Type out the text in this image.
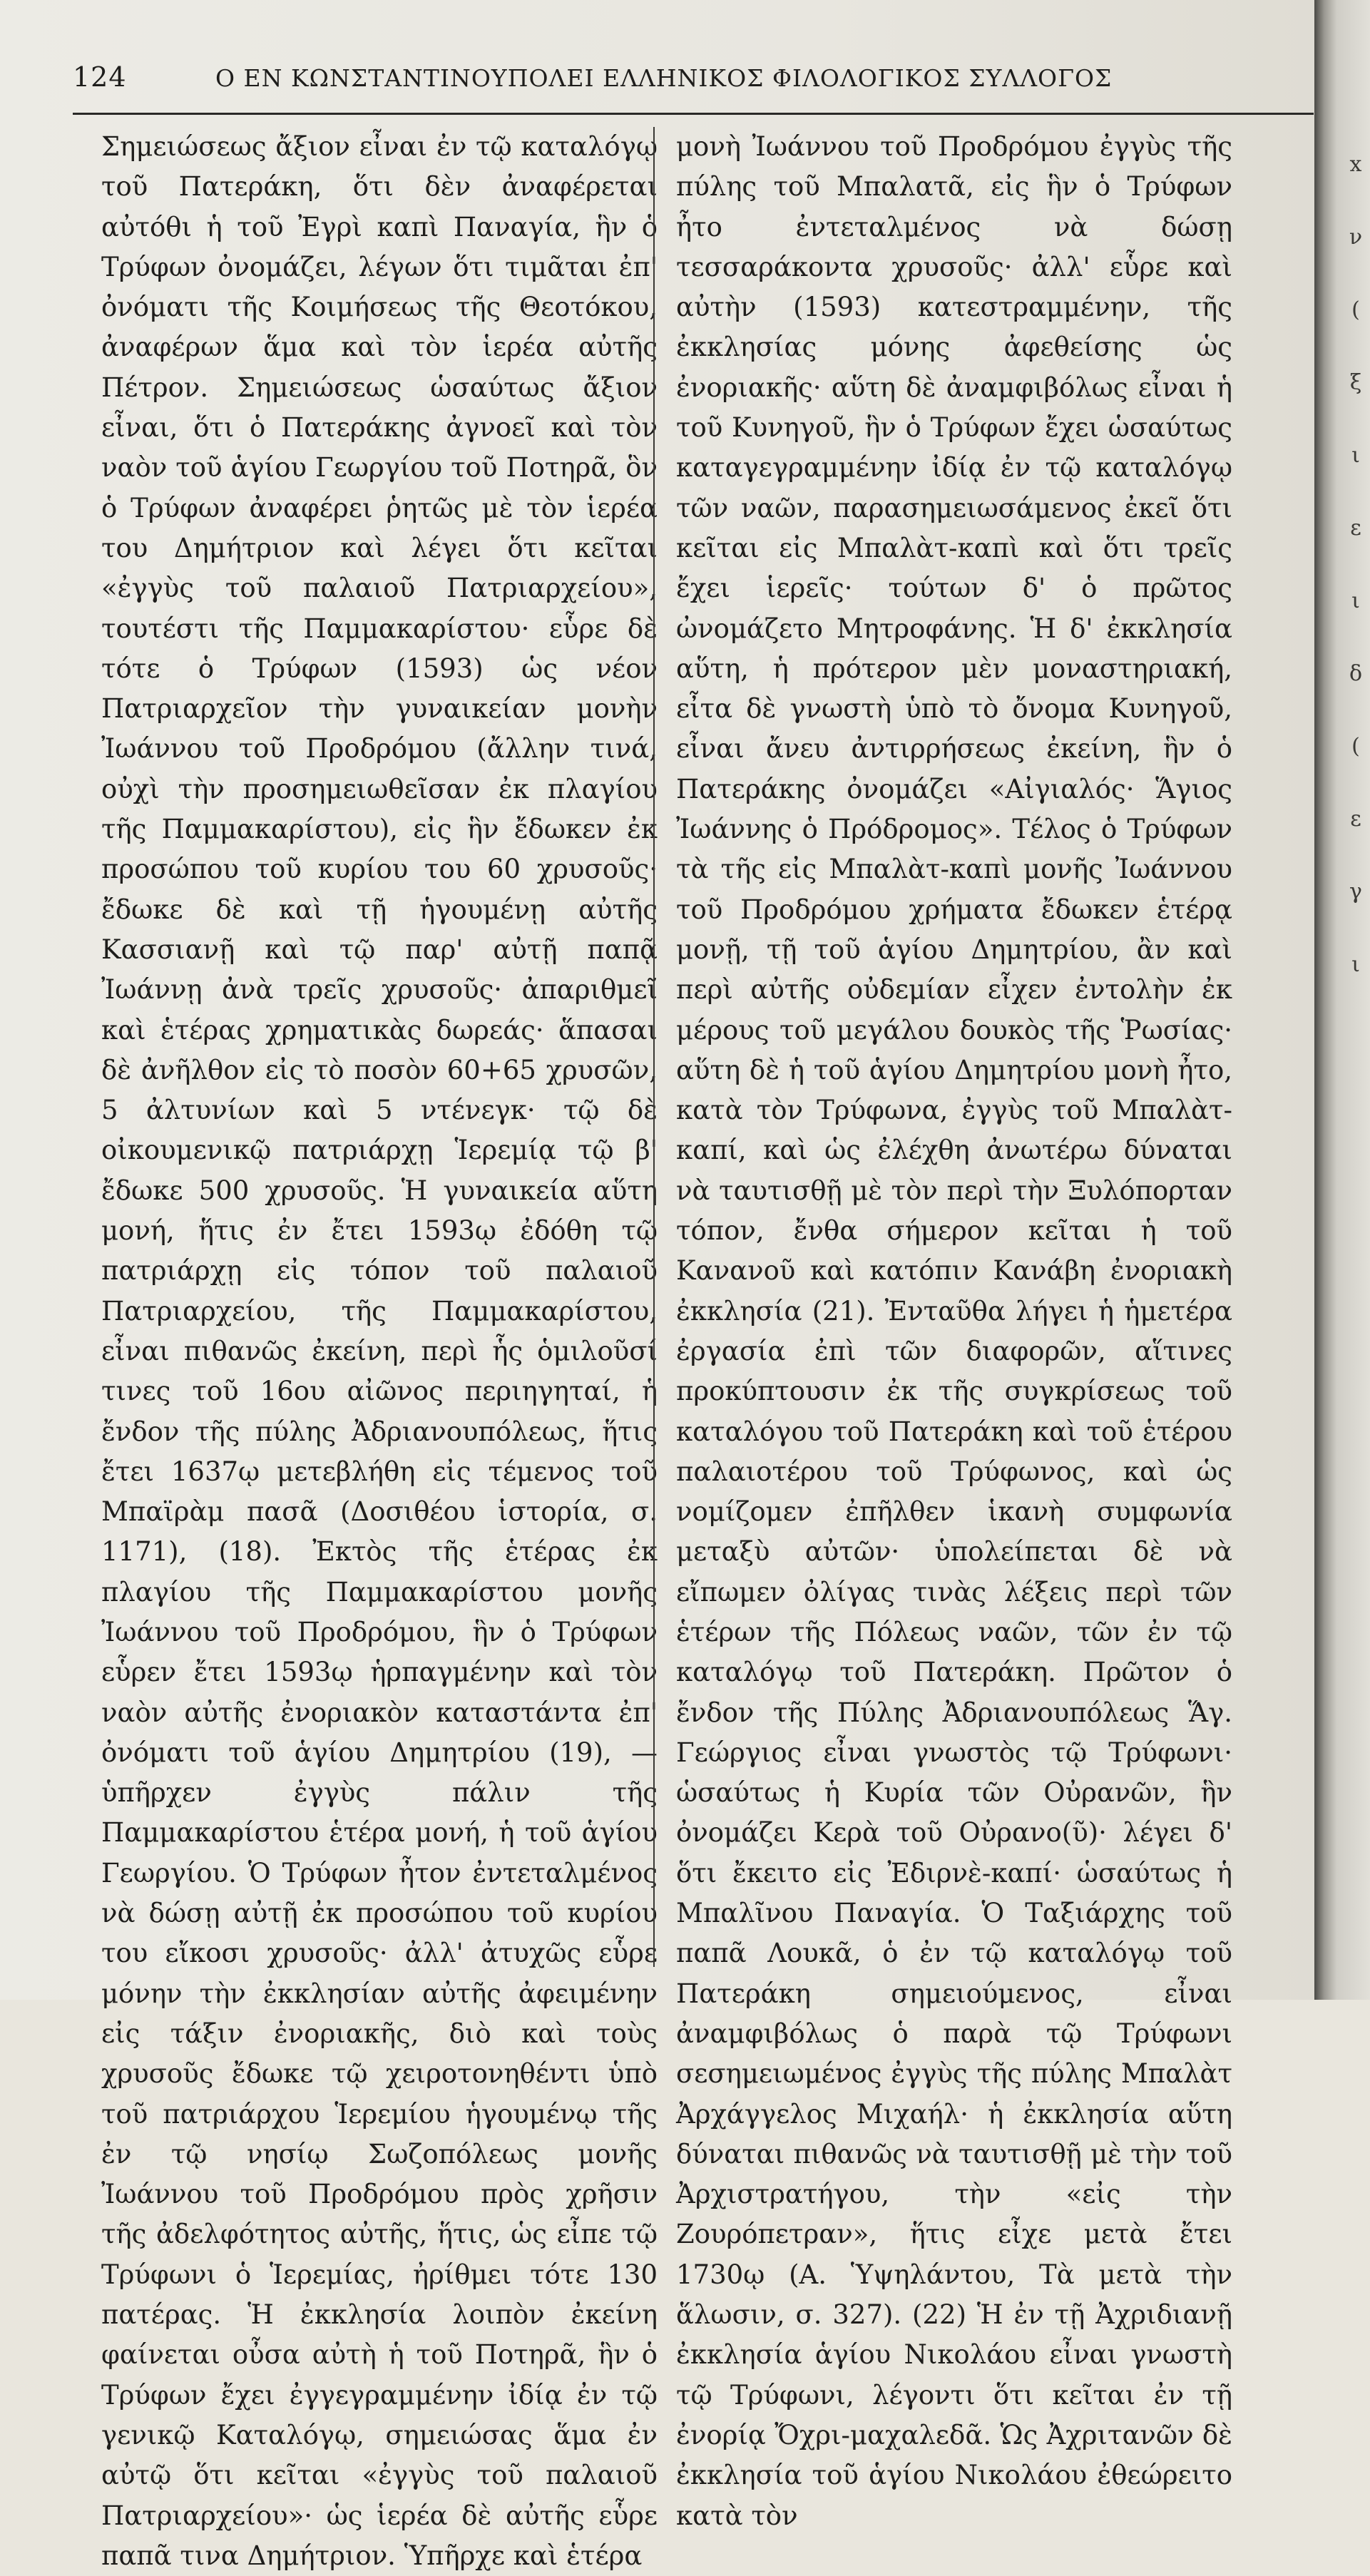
124	Ο ΕΝ ΚΩΝΣΤΑΝΤΙΝΟΥΠΟΛΕΙ ΕΛΛΗΝΙΚΟΣ ΦΙΛΟΛΟΓΙΚΟΣ ΣΥΛΛΟΓΟΣ

Σημειώσεως ἄξιον εἶναι ἐν τῷ καταλόγῳ τοῦ Πατεράκη, ὅτι δὲν ἀναφέρεται αὐτόθι ἡ τοῦ Ἐγρὶ καπὶ Παναγία, ἣν ὁ Τρύφων ὀνομάζει, λέγων ὅτι τιμᾶται ἐπ' ὀνόματι τῆς Κοιμήσεως τῆς Θεοτόκου, ἀναφέρων ἅμα καὶ τὸν ἱερέα αὐτῆς Πέτρον. Σημειώσεως ὡσαύτως ἄξιον εἶναι, ὅτι ὁ Πατεράκης ἀγνοεῖ καὶ τὸν ναὸν τοῦ ἁγίου Γεωργίου τοῦ Ποτηρᾶ, ὃν ὁ Τρύφων ἀναφέρει ῥητῶς μὲ τὸν ἱερέα του Δημήτριον καὶ λέγει ὅτι κεῖται «ἐγγὺς τοῦ παλαιοῦ Πατριαρχείου», τουτέστι τῆς Παμμακαρίστου· εὗρε δὲ τότε ὁ Τρύφων (1593) ὡς νέον Πατριαρχεῖον τὴν γυναικείαν μονὴν Ἰωάννου τοῦ Προδρόμου (ἄλλην τινά, οὐχὶ τὴν προσημειωθεῖσαν ἐκ πλαγίου τῆς Παμμακαρίστου), εἰς ἣν ἔδωκεν ἐκ προσώπου τοῦ κυρίου του 60 χρυσοῦς· ἔδωκε δὲ καὶ τῇ ἡγουμένῃ αὐτῆς Κασσιανῇ καὶ τῷ παρ' αὐτῇ παπᾷ Ἰωάννῃ ἀνὰ τρεῖς χρυσοῦς· ἀπαριθμεῖ καὶ ἑτέρας χρηματικὰς δωρεάς· ἅπασαι δὲ ἀνῆλθον εἰς τὸ ποσὸν 60+65 χρυσῶν, 5 ἀλτυνίων καὶ 5 ντένεγκ· τῷ δὲ οἰκουμενικῷ πατριάρχῃ Ἱερεμίᾳ τῷ β' ἔδωκε 500 χρυσοῦς. Ἡ γυναικεία αὕτη μονή, ἥτις ἐν ἔτει 1593ῳ ἐδόθη τῷ πατριάρχῃ εἰς τόπον τοῦ παλαιοῦ Πατριαρχείου, τῆς Παμμακαρίστου, εἶναι πιθανῶς ἐκείνη, περὶ ἧς ὁμιλοῦσί τινες τοῦ 16ου αἰῶνος περιηγηταί, ἡ ἔνδον τῆς πύλης Ἀδριανουπόλεως, ἥτις ἔτει 1637ῳ μετεβλήθη εἰς τέμενος τοῦ Μπαϊρὰμ πασᾶ (Δοσιθέου ἱστορία, σ. 1171), (18). Ἐκτὸς τῆς ἑτέρας ἐκ πλαγίου τῆς Παμμακαρίστου μονῆς Ἰωάννου τοῦ Προδρόμου, ἣν ὁ Τρύφων εὗρεν ἔτει 1593ῳ ἡρπαγμένην καὶ τὸν ναὸν αὐτῆς ἐνοριακὸν καταστάντα ἐπ' ὀνόματι τοῦ ἁγίου Δημητρίου (19), —ὑπῆρχεν ἐγγὺς πάλιν τῆς Παμμακαρίστου ἑτέρα μονή, ἡ τοῦ ἁγίου Γεωργίου. Ὁ Τρύφων ἦτον ἐντεταλμένος νὰ δώσῃ αὐτῇ ἐκ προσώπου τοῦ κυρίου του εἴκοσι χρυσοῦς· ἀλλ' ἀτυχῶς εὗρε μόνην τὴν ἐκκλησίαν αὐτῆς ἀφειμένην εἰς τάξιν ἐνοριακῆς, διὸ καὶ τοὺς χρυσοῦς ἔδωκε τῷ χειροτονηθέντι ὑπὸ τοῦ πατριάρχου Ἱερεμίου ἡγουμένῳ τῆς ἐν τῷ νησίῳ Σωζοπόλεως μονῆς Ἰωάννου τοῦ Προδρόμου πρὸς χρῆσιν τῆς ἀδελφότητος αὐτῆς, ἥτις, ὡς εἶπε τῷ Τρύφωνι ὁ Ἱερεμίας, ἠρίθμει τότε 130 πατέρας. Ἡ ἐκκλησία λοιπὸν ἐκείνη φαίνεται οὖσα αὐτὴ ἡ τοῦ Ποτηρᾶ, ἣν ὁ Τρύφων ἔχει ἐγγεγραμμένην ἰδίᾳ ἐν τῷ γενικῷ Καταλόγῳ, σημειώσας ἅμα ἐν αὐτῷ ὅτι κεῖται «ἐγγὺς τοῦ παλαιοῦ Πατριαρχείου»· ὡς ἱερέα δὲ αὐτῆς εὗρε παπᾶ τινα Δημήτριον. Ὑπῆρχε καὶ ἑτέρα

μονὴ Ἰωάννου τοῦ Προδρόμου ἐγγὺς τῆς πύλης τοῦ Μπαλατᾶ, εἰς ἣν ὁ Τρύφων ἦτο ἐντεταλμένος νὰ δώσῃ τεσσαράκοντα χρυσοῦς· ἀλλ' εὗρε καὶ αὐτὴν (1593) κατεστραμμένην, τῆς ἐκκλησίας μόνης ἀφεθείσης ὡς ἐνοριακῆς· αὕτη δὲ ἀναμφιβόλως εἶναι ἡ τοῦ Κυνηγοῦ, ἣν ὁ Τρύφων ἔχει ὡσαύτως καταγεγραμμένην ἰδίᾳ ἐν τῷ καταλόγῳ τῶν ναῶν, παρασημειωσάμενος ἐκεῖ ὅτι κεῖται εἰς Μπαλὰτ-καπὶ καὶ ὅτι τρεῖς ἔχει ἱερεῖς· τούτων δ' ὁ πρῶτος ὠνομάζετο Μητροφάνης. Ἡ δ' ἐκκλησία αὕτη, ἡ πρότερον μὲν μοναστηριακή, εἶτα δὲ γνωστὴ ὑπὸ τὸ ὄνομα Κυνηγοῦ, εἶναι ἄνευ ἀντιρρήσεως ἐκείνη, ἣν ὁ Πατεράκης ὀνομάζει «Αἰγιαλός· Ἅγιος Ἰωάννης ὁ Πρόδρομος». Τέλος ὁ Τρύφων τὰ τῆς εἰς Μπαλὰτ-καπὶ μονῆς Ἰωάννου τοῦ Προδρόμου χρήματα ἔδωκεν ἑτέρᾳ μονῇ, τῇ τοῦ ἁγίου Δημητρίου, ἂν καὶ περὶ αὐτῆς οὐδεμίαν εἶχεν ἐντολὴν ἐκ μέρους τοῦ μεγάλου δουκὸς τῆς Ῥωσίας· αὕτη δὲ ἡ τοῦ ἁγίου Δημητρίου μονὴ ἦτο, κατὰ τὸν Τρύφωνα, ἐγγὺς τοῦ Μπαλὰτ-καπί, καὶ ὡς ἐλέχθη ἀνωτέρω δύναται νὰ ταυτισθῇ μὲ τὸν περὶ τὴν Ξυλόπορταν τόπον, ἔνθα σήμερον κεῖται ἡ τοῦ Κανανοῦ καὶ κατόπιν Κανάβη ἐνοριακὴ ἐκκλησία (21). Ἐνταῦθα λήγει ἡ ἡμετέρα ἐργασία ἐπὶ τῶν διαφορῶν, αἵτινες προκύπτουσιν ἐκ τῆς συγκρίσεως τοῦ καταλόγου τοῦ Πατεράκη καὶ τοῦ ἑτέρου παλαιοτέρου τοῦ Τρύφωνος, καὶ ὡς νομίζομεν ἐπῆλθεν ἱκανὴ συμφωνία μεταξὺ αὐτῶν· ὑπολείπεται δὲ νὰ εἴπωμεν ὀλίγας τινὰς λέξεις περὶ τῶν ἑτέρων τῆς Πόλεως ναῶν, τῶν ἐν τῷ καταλόγῳ τοῦ Πατεράκη. Πρῶτον ὁ ἔνδον τῆς Πύλης Ἀδριανουπόλεως Ἅγ. Γεώργιος εἶναι γνωστὸς τῷ Τρύφωνι· ὡσαύτως ἡ Κυρία τῶν Οὐρανῶν, ἣν ὀνομάζει Κερὰ τοῦ Οὐρανο(ῦ)· λέγει δ' ὅτι ἔκειτο εἰς Ἐδιρνὲ-καπί· ὡσαύτως ἡ Μπαλῖνου Παναγία. Ὁ Ταξιάρχης τοῦ παπᾶ Λουκᾶ, ὁ ἐν τῷ καταλόγῳ τοῦ Πατεράκη σημειούμενος, εἶναι ἀναμφιβόλως ὁ παρὰ τῷ Τρύφωνι σεσημειωμένος ἐγγὺς τῆς πύλης Μπαλὰτ Ἀρχάγγελος Μιχαήλ· ἡ ἐκκλησία αὕτη δύναται πιθανῶς νὰ ταυτισθῇ μὲ τὴν τοῦ Ἀρχιστρατήγου, τὴν «εἰς τὴν Ζουρόπετραν», ἥτις εἶχε μετὰ ἔτει 1730ῳ (Α. Ὑψηλάντου, Τὰ μετὰ τὴν ἅλωσιν, σ. 327). (22) Ἡ ἐν τῇ Ἀχριδιανῇ ἐκκλησία ἁγίου Νικολάου εἶναι γνωστὴ τῷ Τρύφωνι, λέγοντι ὅτι κεῖται ἐν τῇ ἐνορίᾳ Ὄχρι-μαχαλεδᾶ. Ὡς Ἀχριτανῶν δὲ ἐκκλησία τοῦ ἁγίου Νικολάου ἐθεώρειτο κατὰ τὸν

x
ν
(
ξ
ι
ε
ι
δ
(
ε
γ
ι
